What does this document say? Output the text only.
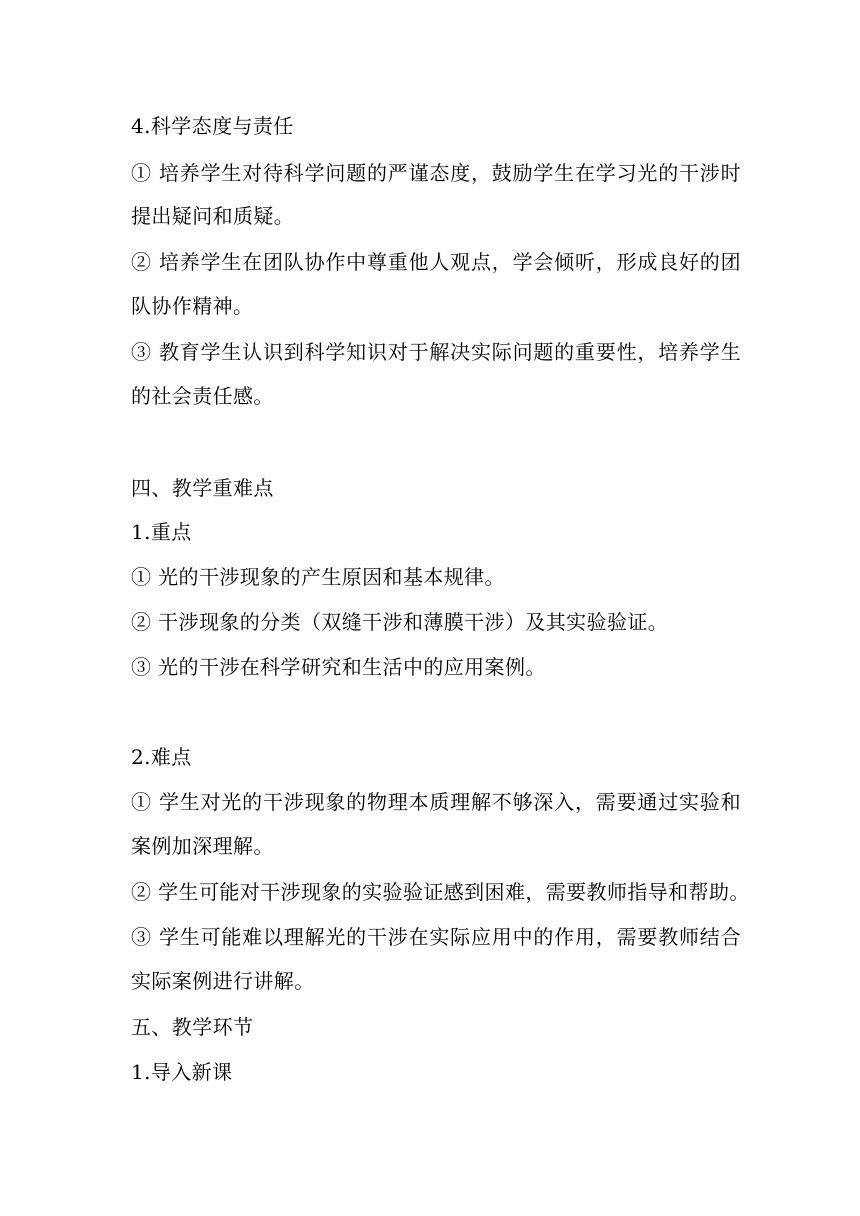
4.科学态度与责任
① 培养学生对待科学问题的严谨态度，鼓励学生在学习光的干涉时
提出疑问和质疑。
② 培养学生在团队协作中尊重他人观点，学会倾听，形成良好的团
队协作精神。
③ 教育学生认识到科学知识对于解决实际问题的重要性，培养学生
的社会责任感。
四、教学重难点
1.重点
① 光的干涉现象的产生原因和基本规律。
② 干涉现象的分类（双缝干涉和薄膜干涉）及其实验验证。
③ 光的干涉在科学研究和生活中的应用案例。
2.难点
① 学生对光的干涉现象的物理本质理解不够深入，需要通过实验和
案例加深理解。
② 学生可能对干涉现象的实验验证感到困难，需要教师指导和帮助。
③ 学生可能难以理解光的干涉在实际应用中的作用，需要教师结合
实际案例进行讲解。
五、教学环节
1.导入新课
